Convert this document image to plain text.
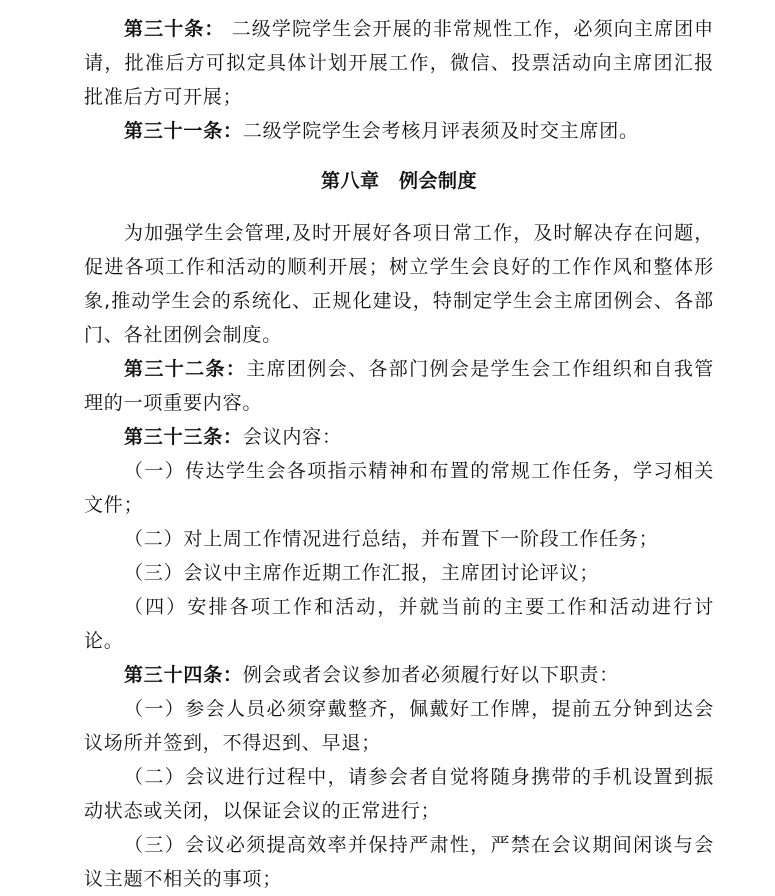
第三十条： 二级学院学生会开展的非常规性工作，必须向主席团申请，批准后方可拟定具体计划开展工作，微信、投票活动向主席团汇报批准后方可开展；

第三十一条：二级学院学生会考核月评表须及时交主席团。

第八章　例会制度

为加强学生会管理,及时开展好各项日常工作，及时解决存在问题，促进各项工作和活动的顺利开展；树立学生会良好的工作作风和整体形象,推动学生会的系统化、正规化建设，特制定学生会主席团例会、各部门、各社团例会制度。

第三十二条：主席团例会、各部门例会是学生会工作组织和自我管理的一项重要内容。

第三十三条：会议内容：

（一）传达学生会各项指示精神和布置的常规工作任务，学习相关文件；

（二）对上周工作情况进行总结，并布置下一阶段工作任务；

（三）会议中主席作近期工作汇报，主席团讨论评议；

（四）安排各项工作和活动，并就当前的主要工作和活动进行讨论。

第三十四条：例会或者会议参加者必须履行好以下职责：

（一）参会人员必须穿戴整齐，佩戴好工作牌，提前五分钟到达会议场所并签到，不得迟到、早退；

（二）会议进行过程中，请参会者自觉将随身携带的手机设置到振动状态或关闭，以保证会议的正常进行；

（三）会议必须提高效率并保持严肃性，严禁在会议期间闲谈与会议主题不相关的事项；
